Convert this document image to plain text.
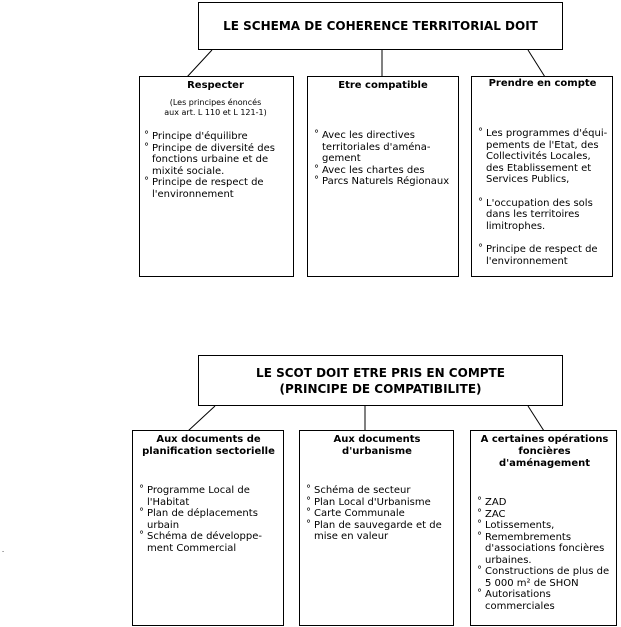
LE SCHEMA DE COHERENCE TERRITORIAL DOIT
Respecter
(Les principes énoncés
aux art. L 110 et L 121-1)
° Principe d'équilibre
° Principe de diversité des
fonctions urbaine et de
mixité sociale.
° Principe de respect de
l'environnement
Etre compatible
° Avec les directives
territoriales d'aména-
gement
° Avec les chartes des
° Parcs Naturels Régionaux
Prendre en compte
° Les programmes d'équi-
pements de l'Etat, des
Collectivités Locales,
des Etablissement et
Services Publics,
° L'occupation des sols
dans les territoires
limitrophes.
° Principe de respect de
l'environnement
LE SCOT DOIT ETRE PRIS EN COMPTE
(PRINCIPE DE COMPATIBILITE)
Aux documents de
planification sectorielle
° Programme Local de
l'Habitat
° Plan de déplacements
urbain
° Schéma de développe-
ment Commercial
Aux documents
d'urbanisme
° Schéma de secteur
° Plan Local d'Urbanisme
° Carte Communale
° Plan de sauvegarde et de
mise en valeur
A certaines opérations
foncières d'aménagement
° ZAD
° ZAC
° Lotissements,
° Remembrements
d'associations foncières
urbaines.
° Constructions de plus de
5 000 m² de SHON
° Autorisations
commerciales
-
